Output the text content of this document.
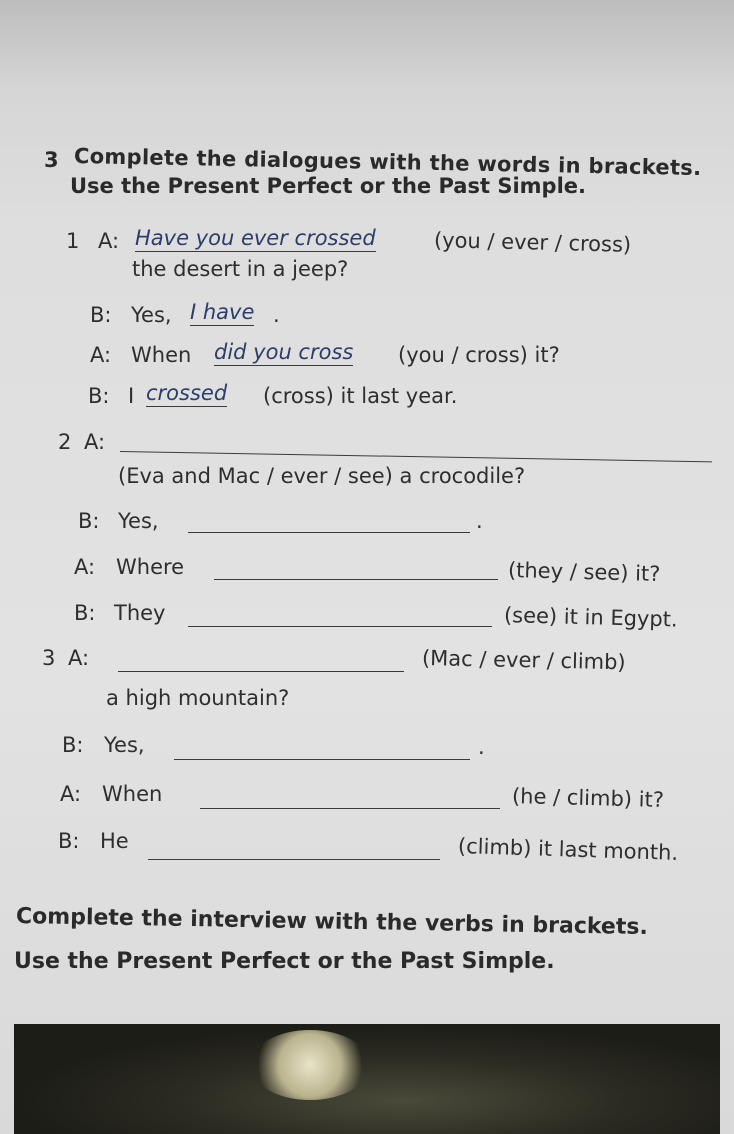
3 Complete the dialogues with the words in brackets.
Use the Present Perfect or the Past Simple.
1 A: Have you ever crossed	(you / ever / cross)
the desert in a jeep?
B: Yes, I have .
A: When did you cross (you / cross) it?
B: I crossed (cross) it last year.
2 A:
(Eva and Mac / ever / see) a crocodile?
B: Yes,	.
A: Where	(they / see) it?
B: They	(see) it in Egypt.
3 A:	(Mac / ever / climb)
a high mountain?
B: Yes,	.
A: When	(he / climb) it?
B: He	(climb) it last month.
Complete the interview with the verbs in brackets.
Use the Present Perfect or the Past Simple.
